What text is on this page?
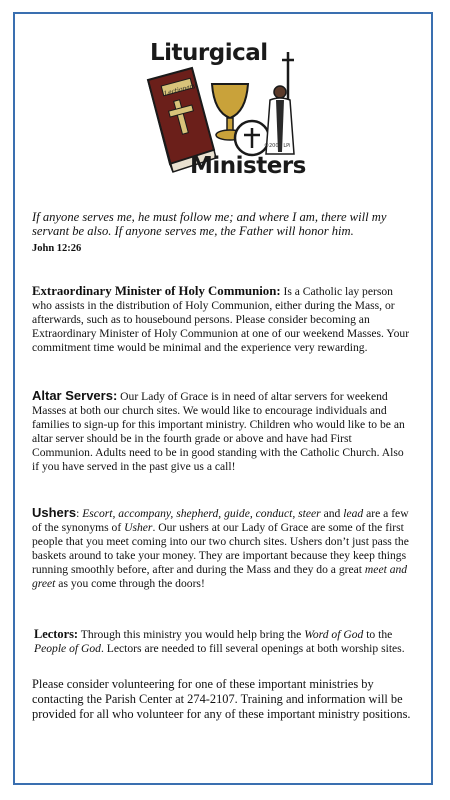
Lectionary
Liturgical
Ministers
©2003 LPi
If anyone serves me, he must follow me; and where I am, there will my servant be also. If anyone serves me, the Father will honor him.
John 12:26
Extraordinary Minister of Holy Communion: Is a Catholic lay person who assists in the distribution of Holy Communion, either during the Mass, or afterwards, such as to housebound persons. Please consider becoming an Extraordinary Minister of Holy Communion at one of our weekend Masses. Your commitment time would be minimal and the experience very rewarding.
Altar Servers: Our Lady of Grace is in need of altar servers for weekend Masses at both our church sites. We would like to encourage individuals and families to sign-up for this important ministry. Children who would like to be an altar server should be in the fourth grade or above and have had First Communion. Adults need to be in good standing with the Catholic Church. Also if you have served in the past give us a call!
Ushers: Escort, accompany, shepherd, guide, conduct, steer and lead are a few of the synonyms of Usher. Our ushers at our Lady of Grace are some of the first people that you meet coming into our two church sites. Ushers don’t just pass the baskets around to take your money. They are important because they keep things running smoothly before, after and during the Mass and they do a great meet and greet as you come through the doors!
Lectors: Through this ministry you would help bring the Word of God to the People of God. Lectors are needed to fill several openings at both worship sites.
Please consider volunteering for one of these important ministries by contacting the Parish Center at 274-2107. Training and information will be provided for all who volunteer for any of these important ministry positions.
